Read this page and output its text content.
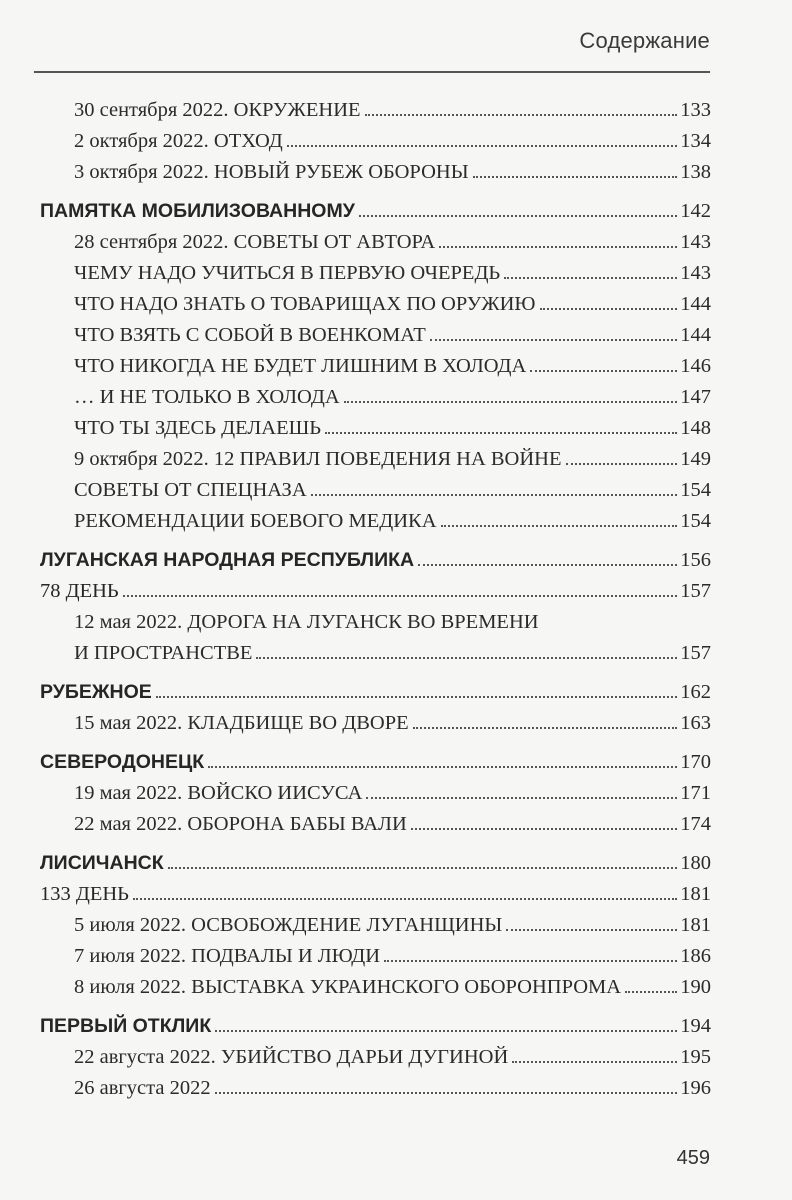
Содержание
30 сентября 2022. ОКРУЖЕНИЕ	133
2 октября 2022. ОТХОД	134
3 октября 2022. НОВЫЙ РУБЕЖ ОБОРОНЫ	138
ПАМЯТКА МОБИЛИЗОВАННОМУ	142
28 сентября 2022. СОВЕТЫ ОТ АВТОРА	143
ЧЕМУ НАДО УЧИТЬСЯ В ПЕРВУЮ ОЧЕРЕДЬ	143
ЧТО НАДО ЗНАТЬ О ТОВАРИЩАХ ПО ОРУЖИЮ	144
ЧТО ВЗЯТЬ С СОБОЙ В ВОЕНКОМАТ	144
ЧТО НИКОГДА НЕ БУДЕТ ЛИШНИМ В ХОЛОДА	146
… И НЕ ТОЛЬКО В ХОЛОДА	147
ЧТО ТЫ ЗДЕСЬ ДЕЛАЕШЬ	148
9 октября 2022. 12 ПРАВИЛ ПОВЕДЕНИЯ НА ВОЙНЕ	149
СОВЕТЫ ОТ СПЕЦНАЗА	154
РЕКОМЕНДАЦИИ БОЕВОГО МЕДИКА	154
ЛУГАНСКАЯ НАРОДНАЯ РЕСПУБЛИКА	156
78 ДЕНЬ	157
12 мая 2022. ДОРОГА НА ЛУГАНСК ВО ВРЕМЕНИ
И ПРОСТРАНСТВЕ	157
РУБЕЖНОЕ	162
15 мая 2022. КЛАДБИЩЕ ВО ДВОРЕ	163
СЕВЕРОДОНЕЦК	170
19 мая 2022. ВОЙСКО ИИСУСА	171
22 мая 2022. ОБОРОНА БАБЫ ВАЛИ	174
ЛИСИЧАНСК	180
133 ДЕНЬ	181
5 июля 2022. ОСВОБОЖДЕНИЕ ЛУГАНЩИНЫ	181
7 июля 2022. ПОДВАЛЫ И ЛЮДИ	186
8 июля 2022. ВЫСТАВКА УКРАИНСКОГО ОБОРОНПРОМА	190
ПЕРВЫЙ ОТКЛИК	194
22 августа 2022. УБИЙСТВО ДАРЬИ ДУГИНОЙ	195
26 августа 2022	196
459
